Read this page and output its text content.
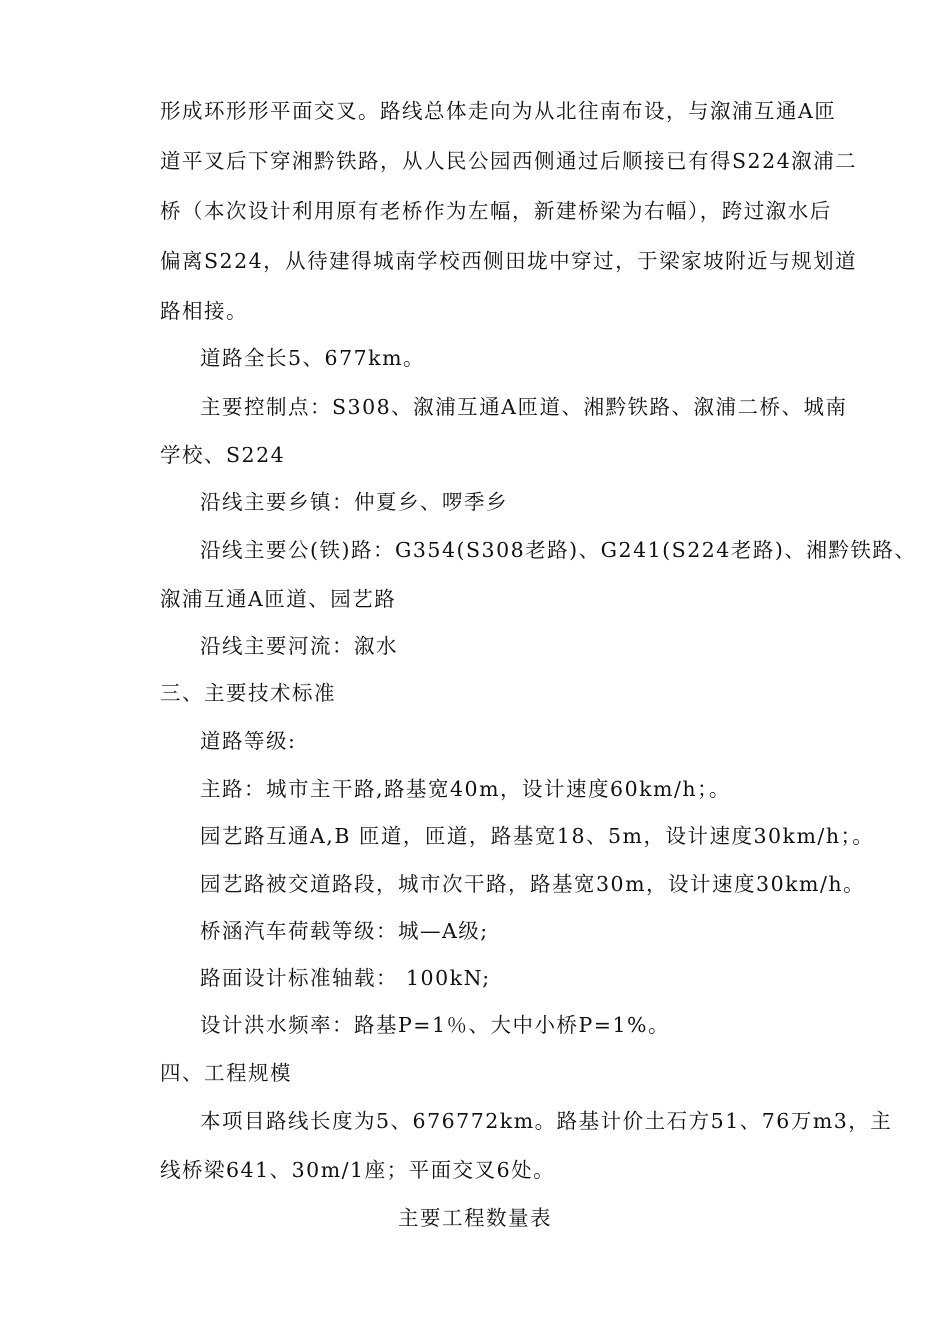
形成环形形平面交叉。路线总体走向为从北往南布设，与溆浦互通A匝
道平叉后下穿湘黔铁路，从人民公园西侧通过后顺接已有得S224溆浦二
桥（本次设计利用原有老桥作为左幅，新建桥梁为右幅），跨过溆水后
偏离S224，从待建得城南学校西侧田垅中穿过，于梁家坡附近与规划道
路相接。
道路全长5、677km。
主要控制点：S308、溆浦互通A匝道、湘黔铁路、溆浦二桥、城南
学校、S224
沿线主要乡镇：仲夏乡、啰季乡
沿线主要公(铁)路：G354(S308老路)、G241(S224老路)、湘黔铁路、
溆浦互通A匝道、园艺路
沿线主要河流：溆水
三、主要技术标准
道路等级:
主路：城市主干路,路基宽40m，设计速度60km/h；。
园艺路互通A,B 匝道，匝道，路基宽18、5m，设计速度30km/h；。
园艺路被交道路段，城市次干路，路基宽30m，设计速度30km/h。
桥涵汽车荷载等级：城—A级;
路面设计标准轴载： 100kN;
设计洪水频率：路基P=1％、大中小桥P=1%。
四、工程规模
本项目路线长度为5、676772km。路基计价土石方51、76万m3，主
线桥梁641、30m/1座；平面交叉6处。
主要工程数量表
